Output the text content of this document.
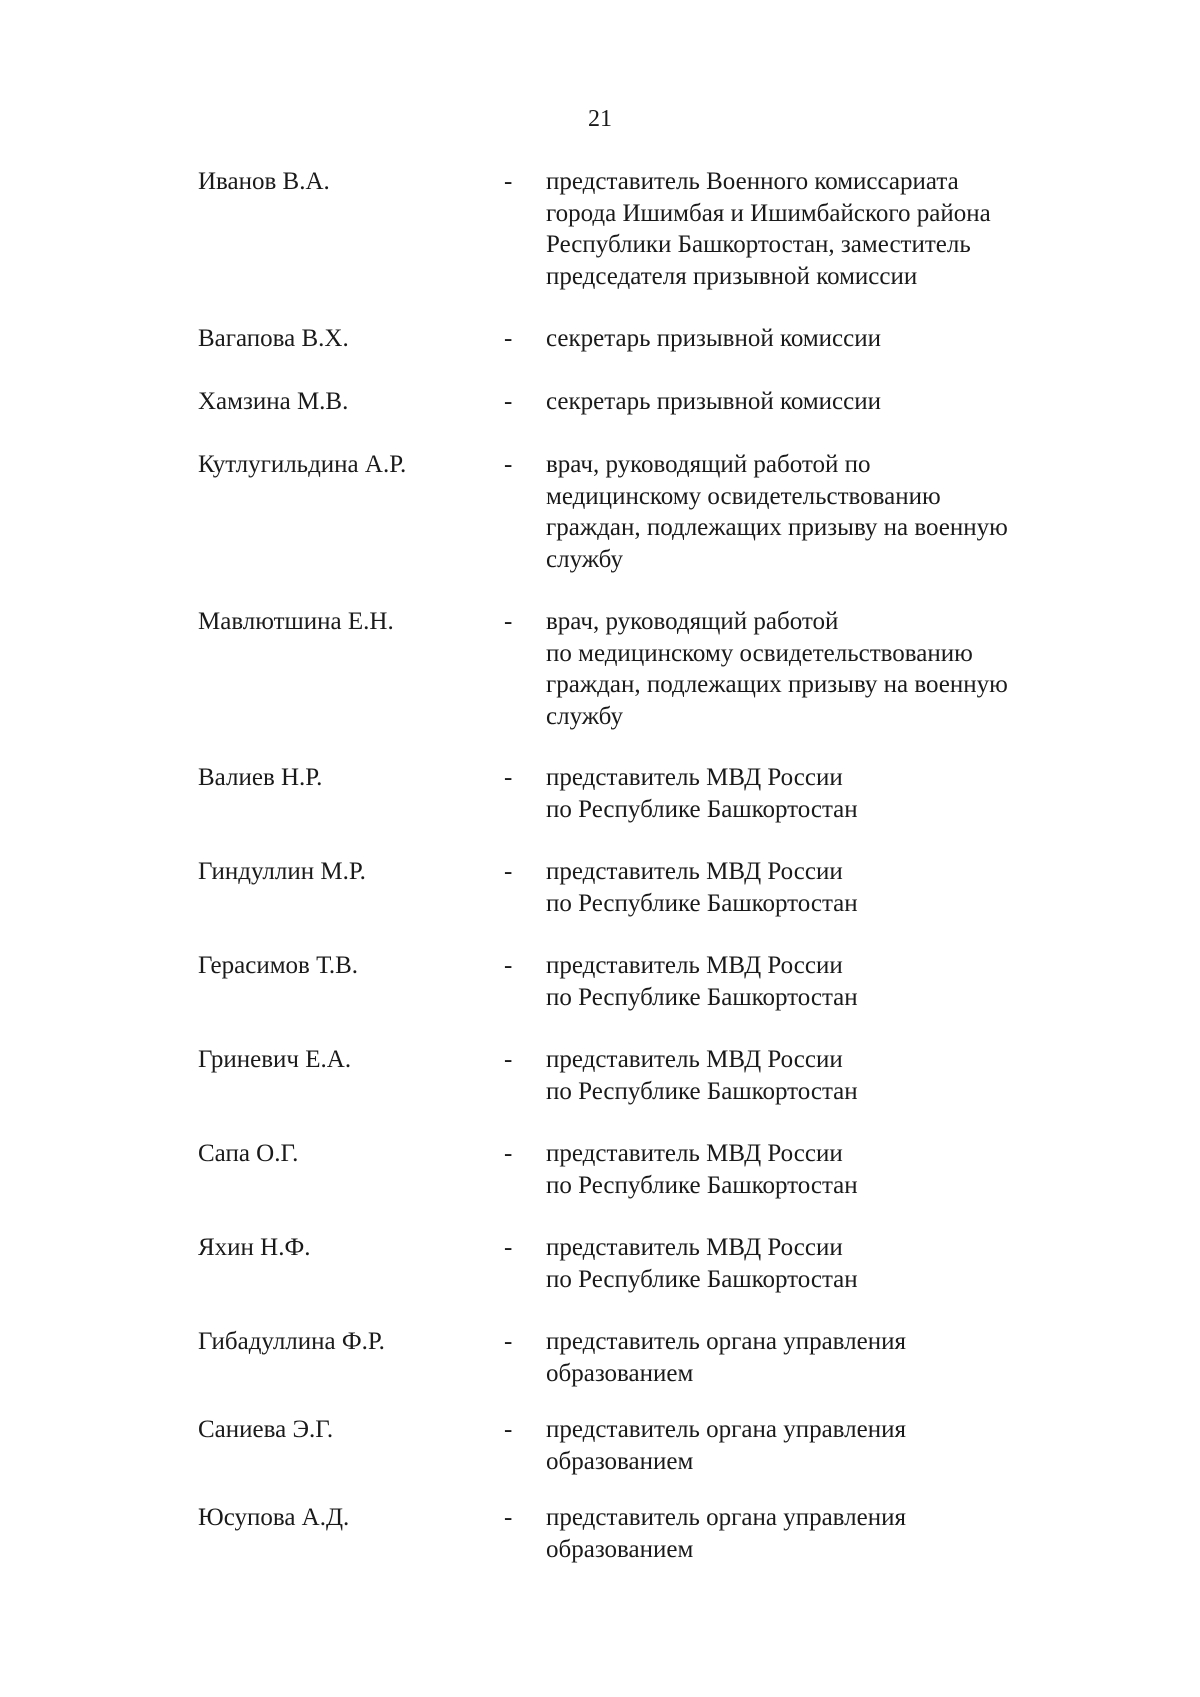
21
Иванов В.А.	- представитель Военного комиссариата
города Ишимбая и Ишимбайского района
Республики Башкортостан, заместитель
председателя призывной комиссии
Вагапова В.Х.	- секретарь призывной комиссии
Хамзина М.В.	- секретарь призывной комиссии
Кутлугильдина А.Р.	- врач, руководящий работой по
медицинскому освидетельствованию
граждан, подлежащих призыву на военную
службу
Мавлютшина Е.Н.	- врач, руководящий работой
по медицинскому освидетельствованию
граждан, подлежащих призыву на военную
службу
Валиев Н.Р.	- представитель МВД России
по Республике Башкортостан
Гиндуллин М.Р.	- представитель МВД России
по Республике Башкортостан
Герасимов Т.В.	- представитель МВД России
по Республике Башкортостан
Гриневич Е.А.	- представитель МВД России
по Республике Башкортостан
Сапа О.Г.	- представитель МВД России
по Республике Башкортостан
Яхин Н.Ф.	- представитель МВД России
по Республике Башкортостан
Гибадуллина Ф.Р.	- представитель органа управления
образованием
Саниева Э.Г.	- представитель органа управления
образованием
Юсупова А.Д.	- представитель органа управления
образованием
